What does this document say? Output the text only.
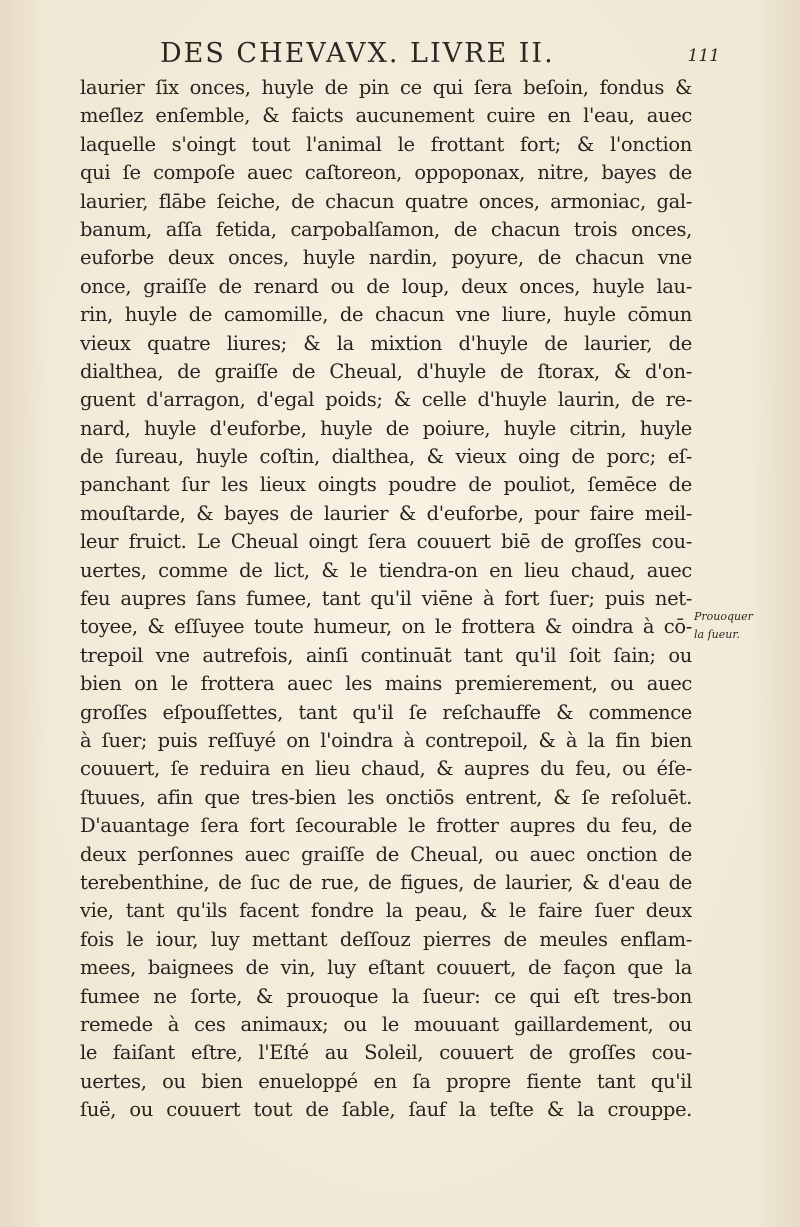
DES CHEVAVX. LIVRE II.	111
laurier ſix onces, huyle de pin ce qui ſera beſoin, fondus &
meſlez enſemble, & faicts aucunement cuire en l'eau, auec
laquelle s'oingt tout l'animal le frottant fort; & l'onction
qui ſe compoſe auec caſtoreon, oppoponax, nitre, bayes de
laurier, flābe ſeiche, de chacun quatre onces, armoniac, gal-
banum, aſſa fetida, carpobalſamon, de chacun trois onces,
euforbe deux onces, huyle nardin, poyure, de chacun vne
once, graiſſe de renard ou de loup, deux onces, huyle lau-
rin, huyle de camomille, de chacun vne liure, huyle cōmun
vieux quatre liures; & la mixtion d'huyle de laurier, de
dialthea, de graiſſe de Cheual, d'huyle de ſtorax, & d'on-
guent d'arragon, d'egal poids; & celle d'huyle laurin, de re-
nard, huyle d'euforbe, huyle de poiure, huyle citrin, huyle
de ſureau, huyle coſtin, dialthea, & vieux oing de porc; eſ-
panchant ſur les lieux oingts poudre de pouliot, ſemēce de
mouſtarde, & bayes de laurier & d'euforbe, pour faire meil-
leur fruict. Le Cheual oingt ſera couuert biē de groſſes cou-
uertes, comme de lict, & le tiendra-on en lieu chaud, auec
feu aupres ſans fumee, tant qu'il viēne à fort ſuer; puis net-
toyee, & eſſuyee toute humeur, on le frottera & oindra à cō-
trepoil vne autrefois, ainſi continuāt tant qu'il ſoit ſain; ou
bien on le frottera auec les mains premierement, ou auec
groſſes eſpouſſettes, tant qu'il ſe reſchauffe & commence
à ſuer; puis reſſuyé on l'oindra à contrepoil, & à la fin bien
couuert, ſe reduira en lieu chaud, & aupres du feu, ou éſe-
ſtuues, afin que tres-bien les onctiōs entrent, & ſe reſoluēt.
D'auantage ſera fort ſecourable le frotter aupres du feu, de
deux perſonnes auec graiſſe de Cheual, ou auec onction de
terebenthine, de ſuc de rue, de figues, de laurier, & d'eau de
vie, tant qu'ils facent fondre la peau, & le faire ſuer deux
fois le iour, luy mettant deſſouz pierres de meules enflam-
mees, baignees de vin, luy eſtant couuert, de façon que la
fumee ne ſorte, & prouoque la ſueur: ce qui eſt tres-bon
remede à ces animaux; ou le mouuant gaillardement, ou
le faiſant eſtre, l'Eſté au Soleil, couuert de groſſes cou-
uertes, ou bien enueloppé en ſa propre fiente tant qu'il
ſuë, ou couuert tout de ſable, ſauf la teſte & la crouppe.
Prouoquer
la ſueur.
